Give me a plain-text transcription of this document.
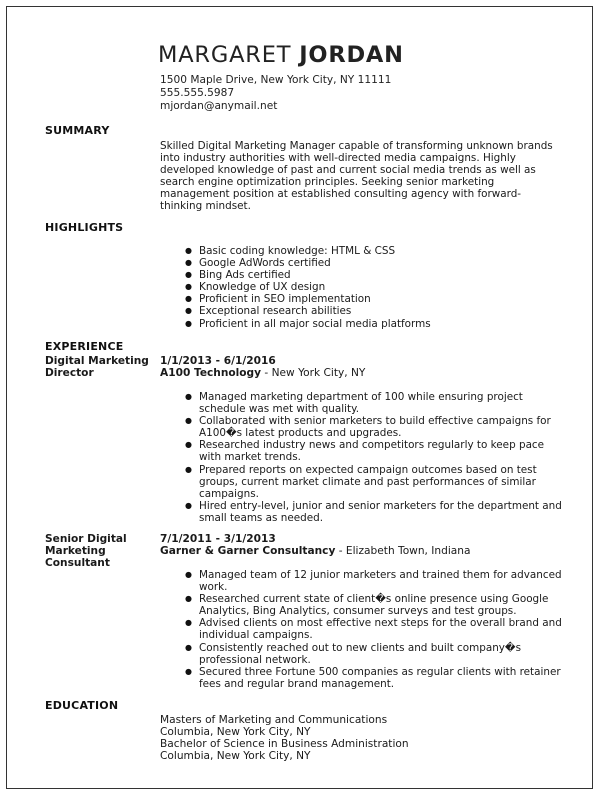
MARGARET JORDAN
1500 Maple Drive, New York City, NY 11111
555.555.5987
mjordan@anymail.net
SUMMARY
Skilled Digital Marketing Manager capable of transforming unknown brands into industry authorities with well-directed media campaigns. Highly developed knowledge of past and current social media trends as well as search engine optimization principles. Seeking senior marketing management position at established consulting agency with forward-thinking mindset.
HIGHLIGHTS
● Basic coding knowledge: HTML & CSS
● Google AdWords certified
● Bing Ads certified
● Knowledge of UX design
● Proficient in SEO implementation
● Exceptional research abilities
● Proficient in all major social media platforms
EXPERIENCE
Digital Marketing Director
1/1/2013 - 6/1/2016
A100 Technology - New York City, NY
● Managed marketing department of 100 while ensuring project schedule was met with quality.
● Collaborated with senior marketers to build effective campaigns for A100�s latest products and upgrades.
● Researched industry news and competitors regularly to keep pace with market trends.
● Prepared reports on expected campaign outcomes based on test groups, current market climate and past performances of similar campaigns.
● Hired entry-level, junior and senior marketers for the department and small teams as needed.
Senior Digital Marketing Consultant
7/1/2011 - 3/1/2013
Garner & Garner Consultancy - Elizabeth Town, Indiana
● Managed team of 12 junior marketers and trained them for advanced work.
● Researched current state of client�s online presence using Google Analytics, Bing Analytics, consumer surveys and test groups.
● Advised clients on most effective next steps for the overall brand and individual campaigns.
● Consistently reached out to new clients and built company�s professional network.
● Secured three Fortune 500 companies as regular clients with retainer fees and regular brand management.
EDUCATION
Masters of Marketing and Communications
Columbia, New York City, NY
Bachelor of Science in Business Administration
Columbia, New York City, NY
